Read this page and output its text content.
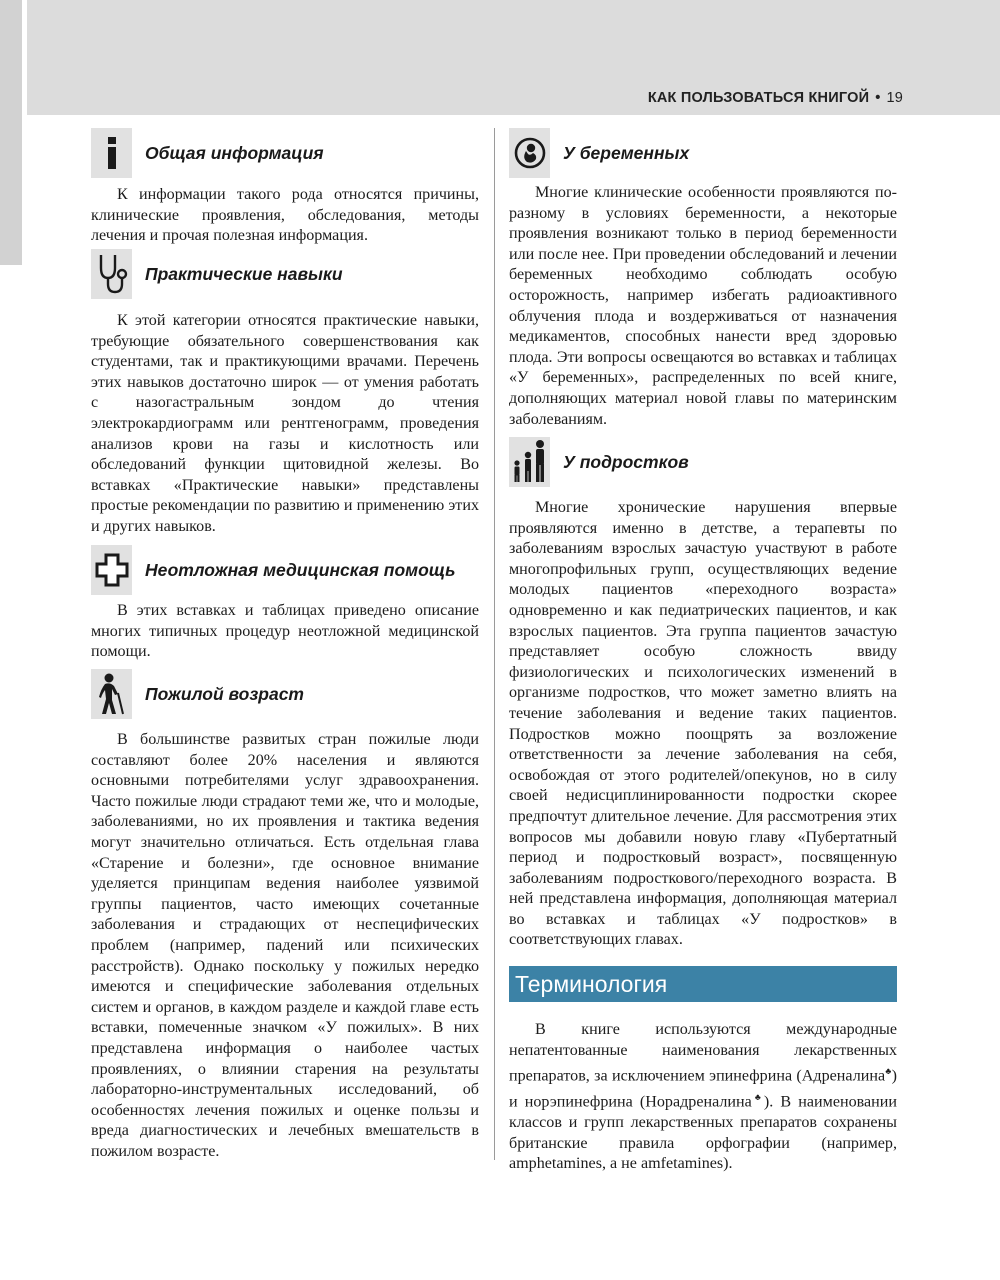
КАК ПОЛЬЗОВАТЬСЯ КНИГОЙ • 19
Общая информация

К информации такого рода относятся причины, клинические проявления, обследования, методы лечения и прочая полезная информация.

Практические навыки

К этой категории относятся практические навыки, требующие обязательного совершенствования как студентами, так и практикующими врачами. Перечень этих навыков достаточно широк — от умения работать с назогастральным зондом до чтения электрокардиограмм или рентгенограмм, проведения анализов крови на газы и кислотность или обследований функции щитовидной железы. Во вставках «Практические навыки» представлены простые рекомендации по развитию и применению этих и других навыков.

Неотложная медицинская помощь

В этих вставках и таблицах приведено описание многих типичных процедур неотложной медицинской помощи.

Пожилой возраст

В большинстве развитых стран пожилые люди составляют более 20% населения и являются основными потребителями услуг здравоохранения. Часто пожилые люди страдают теми же, что и молодые, заболеваниями, но их проявления и тактика ведения могут значительно отличаться. Есть отдельная глава «Старение и болезни», где основное внимание уделяется принципам ведения наиболее уязвимой группы пациентов, часто имеющих сочетанные заболевания и страдающих от неспецифических проблем (например, падений или психических расстройств). Однако поскольку у пожилых нередко имеются и специфические заболевания отдельных систем и органов, в каждом разделе и каждой главе есть вставки, помеченные значком «У пожилых». В них представлена информация о наиболее частых проявлениях, о влиянии старения на результаты лабораторно-инструментальных исследований, об особенностях лечения пожилых и оценке пользы и вреда диагностических и лечебных вмешательств в пожилом возрасте.

У беременных

Многие клинические особенности проявляются по-разному в условиях беременности, а некоторые проявления возникают только в период беременности или после нее. При проведении обследований и лечении беременных необходимо соблюдать особую осторожность, например избегать радиоактивного облучения плода и воздерживаться от назначения медикаментов, способных нанести вред здоровью плода. Эти вопросы освещаются во вставках и таблицах «У беременных», распределенных по всей книге, дополняющих материал новой главы по материнским заболеваниям.

У подростков

Многие хронические нарушения впервые проявляются именно в детстве, а терапевты по заболеваниям взрослых зачастую участвуют в работе многопрофильных групп, осуществляющих ведение молодых пациентов «переходного возраста» одновременно и как педиатрических пациентов, и как взрослых пациентов. Эта группа пациентов зачастую представляет особую сложность ввиду физиологических и психологических изменений в организме подростков, что может заметно влиять на течение заболевания и ведение таких пациентов. Подростков можно поощрять за возложение ответственности за лечение заболевания на себя, освобождая от этого родителей/опекунов, но в силу своей недисциплинированности подростки скорее предпочтут длительное лечение. Для рассмотрения этих вопросов мы добавили новую главу «Пубертатный период и подростковый возраст», посвященную заболеваниям подросткового/переходного возраста. В ней представлена информация, дополняющая материал во вставках и таблицах «У подростков» в соответствующих главах.

Терминология

В книге используются международные непатентованные наименования лекарственных препаратов, за исключением эпинефрина (Адреналина♣) и норэпинефрина (Норадреналина♣). В наименовании классов и групп лекарственных препаратов сохранены британские правила орфографии (например, amphetamines, а не amfetamines).
